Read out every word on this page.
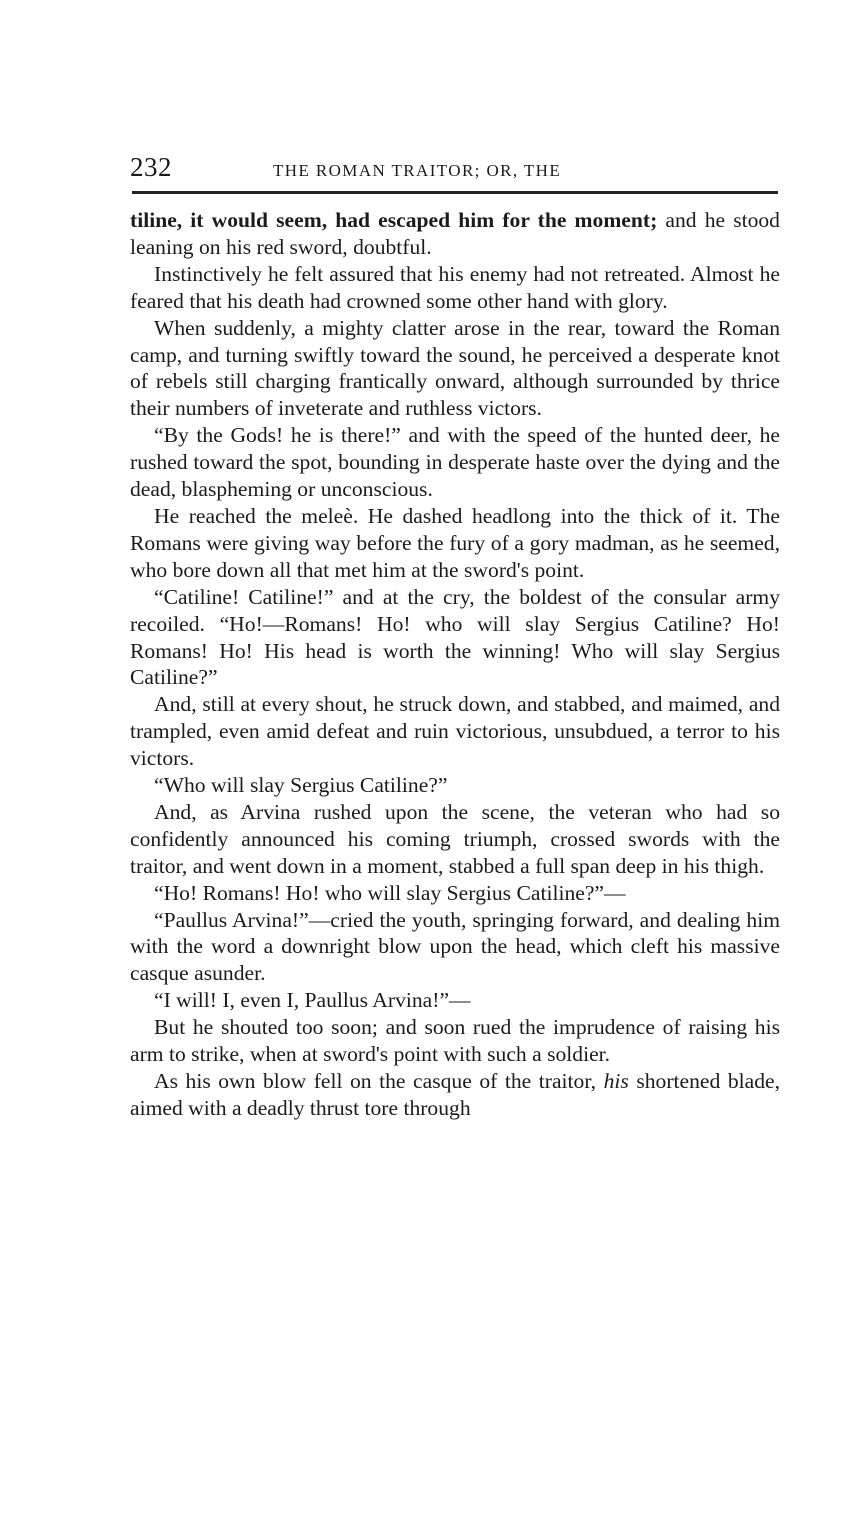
232	THE ROMAN TRAITOR; OR, THE

tiline, it would seem, had escaped him for the moment; and he stood leaning on his red sword, doubtful.

Instinctively he felt assured that his enemy had not retreated. Almost he feared that his death had crowned some other hand with glory.

When suddenly, a mighty clatter arose in the rear, toward the Roman camp, and turning swiftly toward the sound, he perceived a desperate knot of rebels still charging frantically onward, although surrounded by thrice their numbers of inveterate and ruthless victors.

“By the Gods! he is there!” and with the speed of the hunted deer, he rushed toward the spot, bounding in desperate haste over the dying and the dead, blaspheming or unconscious.

He reached the meleè. He dashed headlong into the thick of it. The Romans were giving way before the fury of a gory madman, as he seemed, who bore down all that met him at the sword's point.

“Catiline! Catiline!” and at the cry, the boldest of the consular army recoiled. “Ho!—Romans! Ho! who will slay Sergius Catiline? Ho! Romans! Ho! His head is worth the winning! Who will slay Sergius Catiline?”

And, still at every shout, he struck down, and stabbed, and maimed, and trampled, even amid defeat and ruin victorious, unsubdued, a terror to his victors.

“Who will slay Sergius Catiline?”

And, as Arvina rushed upon the scene, the veteran who had so confidently announced his coming triumph, crossed swords with the traitor, and went down in a moment, stabbed a full span deep in his thigh.

“Ho! Romans! Ho! who will slay Sergius Catiline?”—

“Paullus Arvina!”—cried the youth, springing forward, and dealing him with the word a downright blow upon the head, which cleft his massive casque asunder.

“I will! I, even I, Paullus Arvina!”—

But he shouted too soon; and soon rued the imprudence of raising his arm to strike, when at sword's point with such a soldier.

As his own blow fell on the casque of the traitor, his shortened blade, aimed with a deadly thrust tore through
